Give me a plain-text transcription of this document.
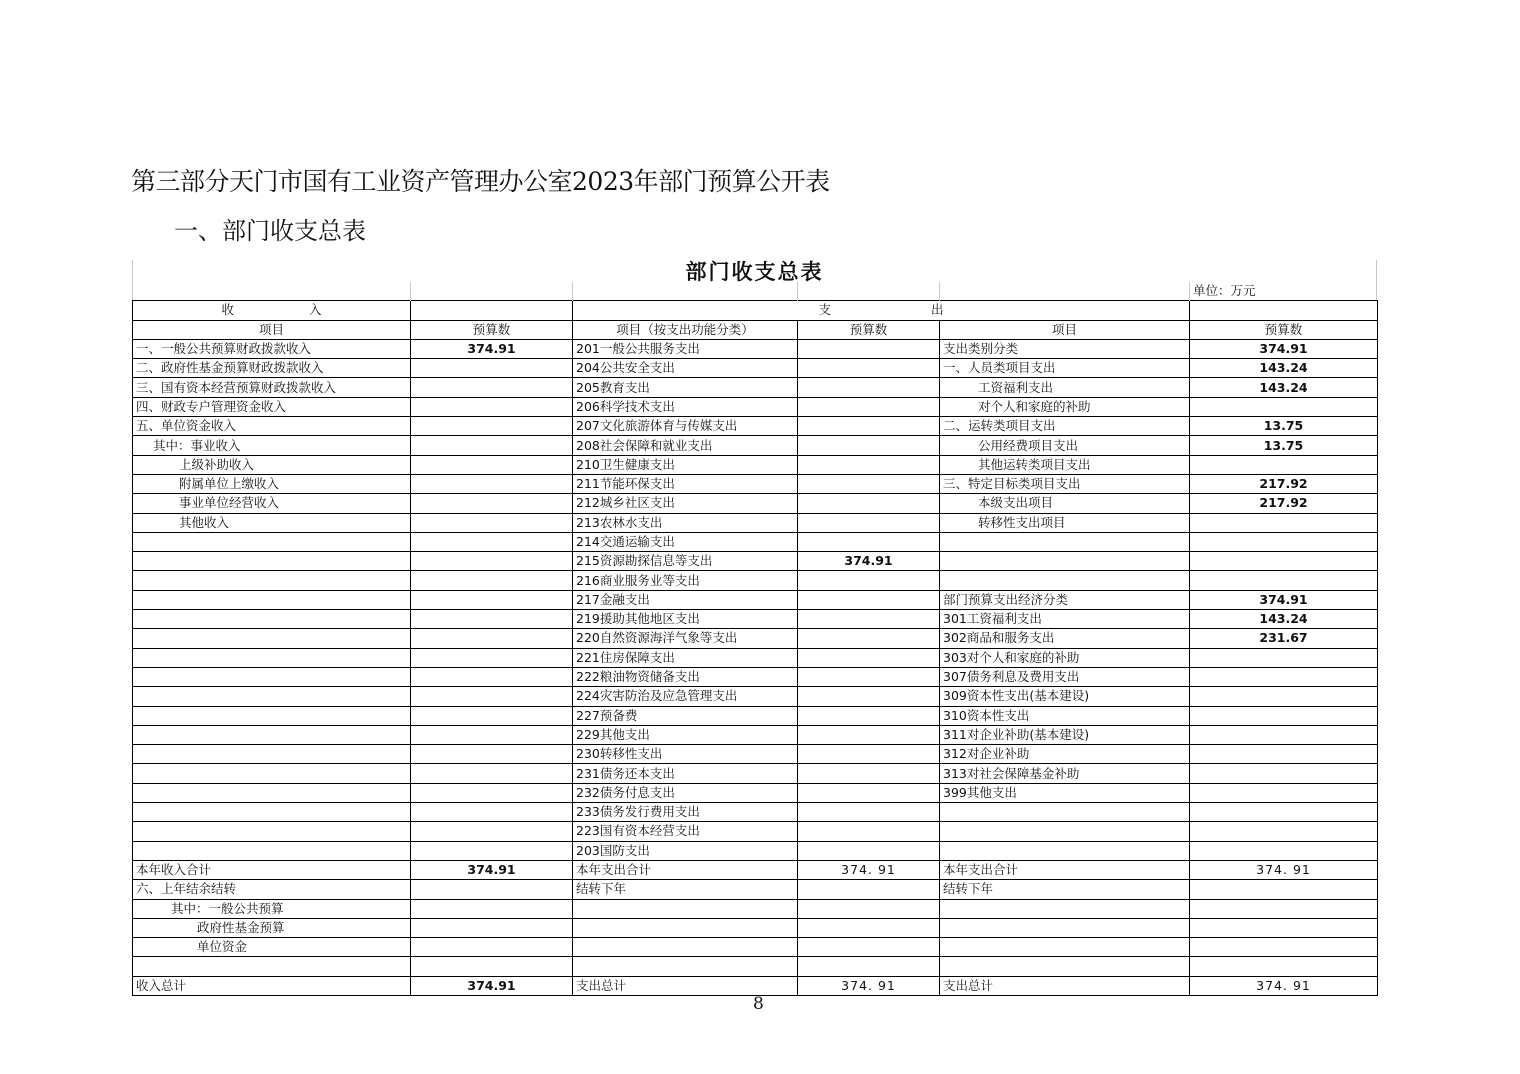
第三部分天门市国有工业资产管理办公室2023年部门预算公开表
一、部门收支总表
部门收支总表
					单位：万元
收　　　　　　入		支　　　　　　　　出			
项目	预算数	项目（按支出功能分类）	预算数	项目	预算数
一、一般公共预算财政拨款收入	374.91	201一般公共服务支出		支出类别分类	374.91
二、政府性基金预算财政拨款收入		204公共安全支出		一、人员类项目支出	143.24
三、国有资本经营预算财政拨款收入		205教育支出		工资福利支出	143.24
四、财政专户管理资金收入		206科学技术支出		对个人和家庭的补助	
五、单位资金收入		207文化旅游体育与传媒支出		二、运转类项目支出	13.75
其中：事业收入		208社会保障和就业支出		公用经费项目支出	13.75
上级补助收入		210卫生健康支出		其他运转类项目支出	
附属单位上缴收入		211节能环保支出		三、特定目标类项目支出	217.92
事业单位经营收入		212城乡社区支出		本级支出项目	217.92
其他收入		213农林水支出		转移性支出项目	
		214交通运输支出			
		215资源勘探信息等支出	374.91		
		216商业服务业等支出			
		217金融支出		部门预算支出经济分类	374.91
		219援助其他地区支出		301工资福利支出	143.24
		220自然资源海洋气象等支出		302商品和服务支出	231.67
		221住房保障支出		303对个人和家庭的补助	
		222粮油物资储备支出		307债务利息及费用支出	
		224灾害防治及应急管理支出		309资本性支出(基本建设)	
		227预备费		310资本性支出	
		229其他支出		311对企业补助(基本建设)	
		230转移性支出		312对企业补助	
		231债务还本支出		313对社会保障基金补助	
		232债务付息支出		399其他支出	
		233债务发行费用支出			
		223国有资本经营支出			
		203国防支出			
本年收入合计	374.91	本年支出合计	374. 91	本年支出合计	374. 91
六、上年结余结转		结转下年		结转下年	
其中：一般公共预算					
政府性基金预算					
单位资金					

收入总计	374.91	支出总计	374. 91	支出总计	374. 91
8
